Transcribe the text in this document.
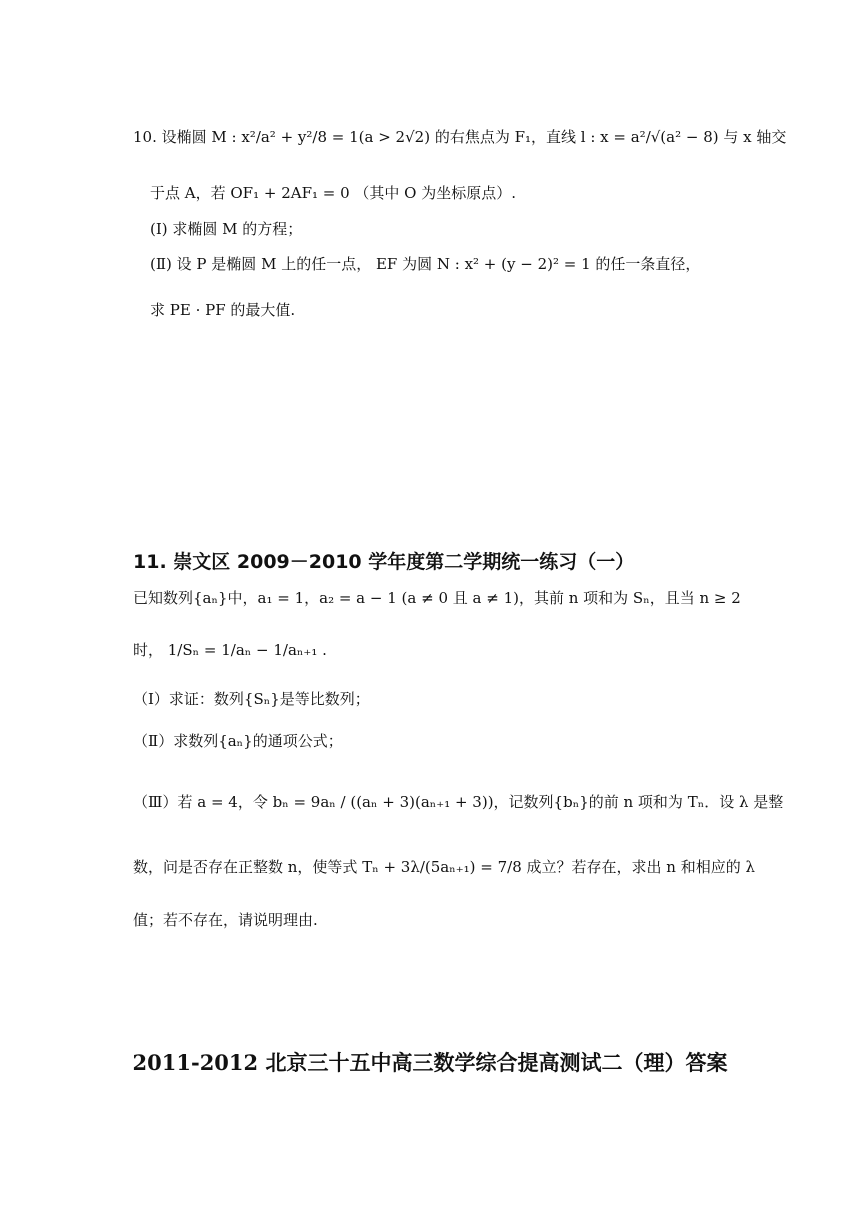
10. 设椭圆 M : x²/a² + y²/8 = 1(a > 2√2) 的右焦点为 F₁，直线 l : x = a²/√(a² − 8) 与 x 轴交
于点 A，若 OF₁ + 2AF₁ = 0 （其中 O 为坐标原点）.
(Ⅰ) 求椭圆 M 的方程；
(Ⅱ) 设 P 是椭圆 M 上的任一点， EF 为圆 N : x² + (y − 2)² = 1 的任一条直径，
求 PE · PF 的最大值.
11. 崇文区 2009－2010 学年度第二学期统一练习（一）
已知数列{aₙ}中，a₁ = 1，a₂ = a − 1 (a ≠ 0 且 a ≠ 1)，其前 n 项和为 Sₙ，且当 n ≥ 2
时， 1/Sₙ = 1/aₙ − 1/aₙ₊₁ .
（Ⅰ）求证：数列{Sₙ}是等比数列；
（Ⅱ）求数列{aₙ}的通项公式；
（Ⅲ）若 a = 4，令 bₙ = 9aₙ / ((aₙ + 3)(aₙ₊₁ + 3))，记数列{bₙ}的前 n 项和为 Tₙ．设 λ 是整
数，问是否存在正整数 n，使等式 Tₙ + 3λ/(5aₙ₊₁) = 7/8 成立？若存在，求出 n 和相应的 λ
值；若不存在，请说明理由.
2011-2012 北京三十五中高三数学综合提高测试二（理）答案
